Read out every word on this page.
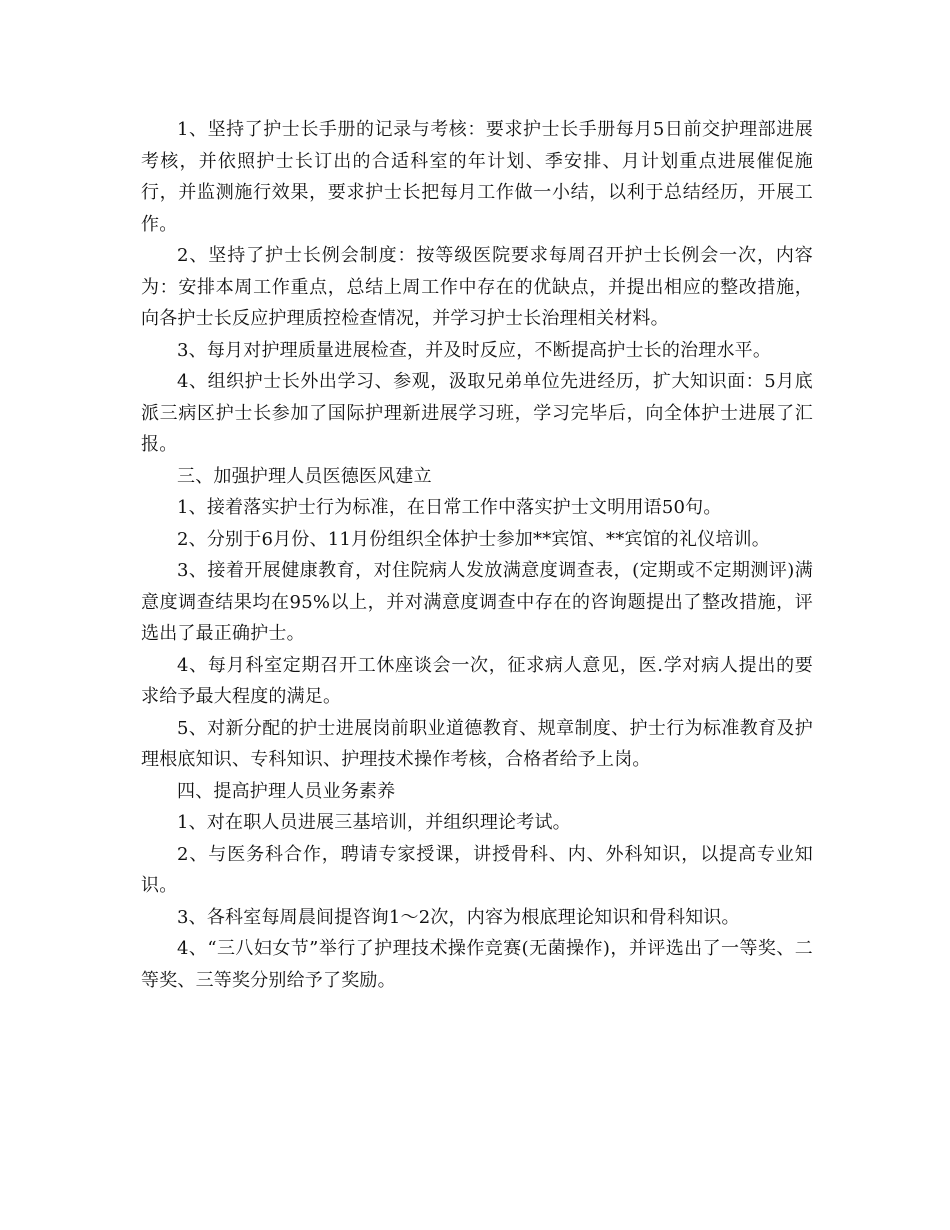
1、坚持了护士长手册的记录与考核：要求护士长手册每月5日前交护理部进展考核，并依照护士长订出的合适科室的年计划、季安排、月计划重点进展催促施行，并监测施行效果，要求护士长把每月工作做一小结，以利于总结经历，开展工作。

2、坚持了护士长例会制度：按等级医院要求每周召开护士长例会一次，内容为：安排本周工作重点，总结上周工作中存在的优缺点，并提出相应的整改措施，向各护士长反应护理质控检查情况，并学习护士长治理相关材料。

3、每月对护理质量进展检查，并及时反应，不断提高护士长的治理水平。

4、组织护士长外出学习、参观，汲取兄弟单位先进经历，扩大知识面：5月底派三病区护士长参加了国际护理新进展学习班，学习完毕后，向全体护士进展了汇报。

三、加强护理人员医德医风建立

1、接着落实护士行为标准，在日常工作中落实护士文明用语50句。

2、分别于6月份、11月份组织全体护士参加**宾馆、**宾馆的礼仪培训。

3、接着开展健康教育，对住院病人发放满意度调查表，(定期或不定期测评)满意度调查结果均在95%以上，并对满意度调查中存在的咨询题提出了整改措施，评选出了最正确护士。

4、每月科室定期召开工休座谈会一次，征求病人意见，医.学对病人提出的要求给予最大程度的满足。

5、对新分配的护士进展岗前职业道德教育、规章制度、护士行为标准教育及护理根底知识、专科知识、护理技术操作考核，合格者给予上岗。

四、提高护理人员业务素养

1、对在职人员进展三基培训，并组织理论考试。

2、与医务科合作，聘请专家授课，讲授骨科、内、外科知识，以提高专业知识。

3、各科室每周晨间提咨询1～2次，内容为根底理论知识和骨科知识。

4、“三八妇女节”举行了护理技术操作竞赛(无菌操作)，并评选出了一等奖、二等奖、三等奖分别给予了奖励。
